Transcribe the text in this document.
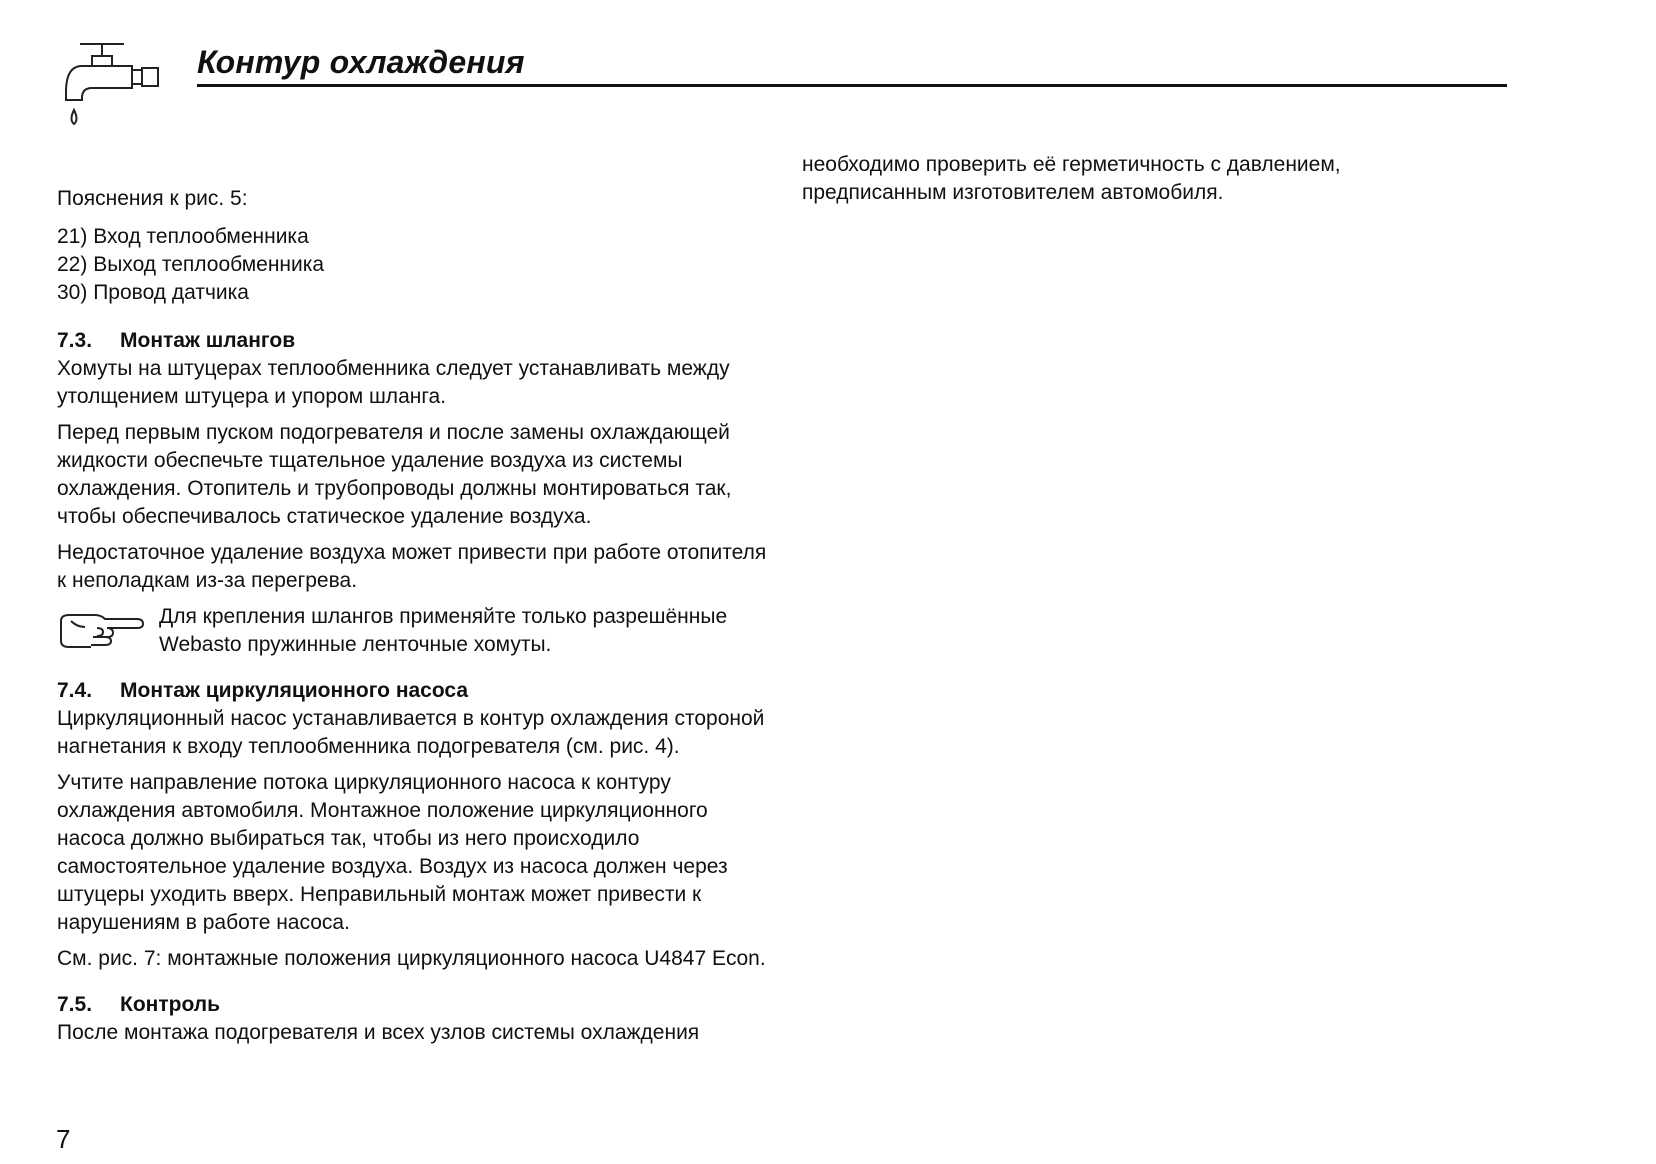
Контур охлаждения

Пояснения к рис. 5:

21) Вход теплообменника
22) Выход теплообменника
30) Провод датчика
7.3.	Монтаж шлангов

Хомуты на штуцерах теплообменника следует устанавливать между утолщением штуцера и упором шланга.

Перед первым пуском подогревателя и после замены охлаждающей жидкости обеспечьте тщательное удаление воздуха из системы охлаждения. Отопитель и трубопроводы должны монтироваться так, чтобы обеспечивалось статическое удаление воздуха.

Недостаточное удаление воздуха может привести при работе отопителя к неполадкам из-за перегрева.

Для крепления шлангов применяйте только разрешённые Webasto пружинные ленточные хомуты.

7.4.	Монтаж циркуляционного насоса

Циркуляционный насос устанавливается в контур охлаждения стороной нагнетания к входу теплообменника подогревателя (см. рис. 4).

Учтите направление потока циркуляционного насоса к контуру охлаждения автомобиля. Монтажное положение циркуляционного насоса должно выбираться так, чтобы из него происходило самостоятельное удаление воздуха. Воздух из насоса должен через штуцеры уходить вверх. Неправильный монтаж может привести к нарушениям в работе насоса.

См. рис. 7: монтажные положения циркуляционного насоса U4847 Econ.

7.5.	Контроль

После монтажа подогревателя и всех узлов системы охлаждения

необходимо проверить её герметичность с давлением, предписанным изготовителем автомобиля.

7
